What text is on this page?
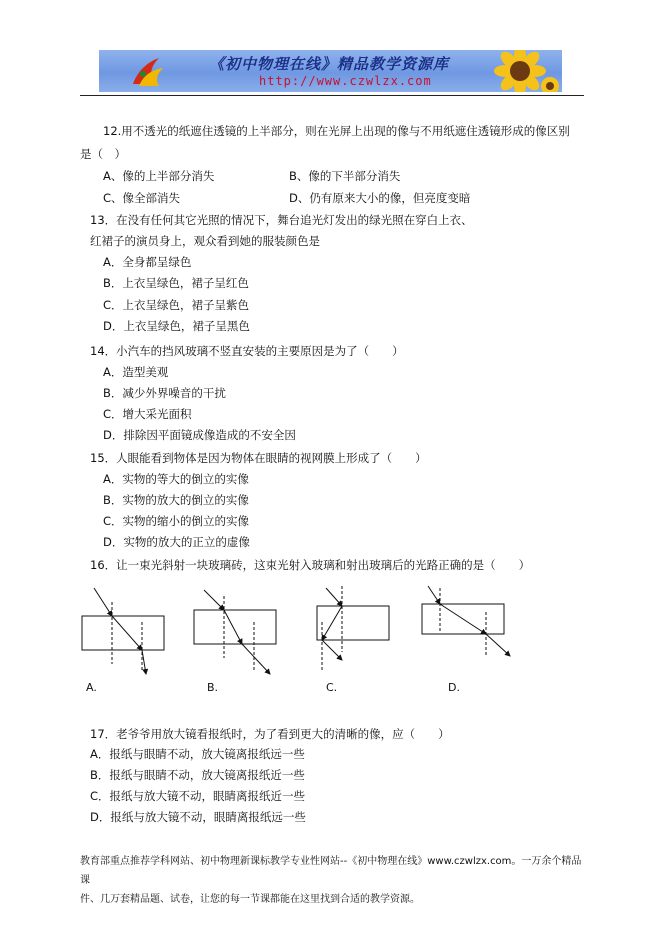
《初中物理在线》精品教学资源库
http://www.czwlzx.com
12.用不透光的纸遮住透镜的上半部分，则在光屏上出现的像与不用纸遮住透镜形成的像区别
是（　）
A、像的上半部分消失	B、像的下半部分消失
C、像全部消失	D、仍有原来大小的像，但亮度变暗
13．在没有任何其它光照的情况下，舞台追光灯发出的绿光照在穿白上衣、
红裙子的演员身上，观众看到她的服装颜色是
A．全身都呈绿色
B．上衣呈绿色，裙子呈红色
C．上衣呈绿色，裙子呈紫色
D．上衣呈绿色，裙子呈黑色
14．小汽车的挡风玻璃不竖直安装的主要原因是为了（　　）
A．造型美观
B．减少外界噪音的干扰
C．增大采光面积
D．排除因平面镜成像造成的不安全因
15．人眼能看到物体是因为物体在眼睛的视网膜上形成了（　　）
A．实物的等大的倒立的实像
B．实物的放大的倒立的实像
C．实物的缩小的倒立的实像
D．实物的放大的正立的虚像
16．让一束光斜射一块玻璃砖，这束光射入玻璃和射出玻璃后的光路正确的是（　　）
A.	B.	C.	D.
17．老爷爷用放大镜看报纸时，为了看到更大的清晰的像，应（　　）
A．报纸与眼睛不动，放大镜离报纸远一些
B．报纸与眼睛不动，放大镜离报纸近一些
C．报纸与放大镜不动，眼睛离报纸近一些
D．报纸与放大镜不动，眼睛离报纸远一些
教育部重点推荐学科网站、初中物理新课标教学专业性网站--《初中物理在线》www.czwlzx.com。一万余个精品课
件、几万套精品题、试卷，让您的每一节课都能在这里找到合适的教学资源。
